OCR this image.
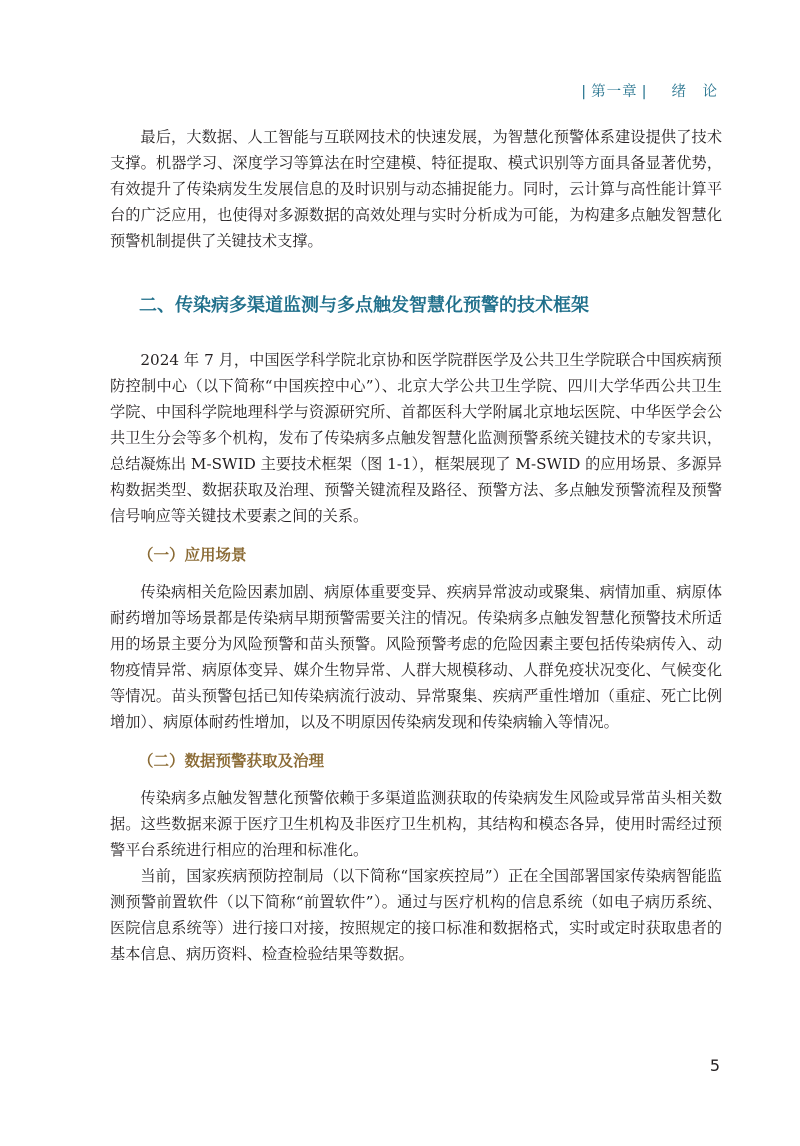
| 第一章 | 绪　论

最后，大数据、人工智能与互联网技术的快速发展，为智慧化预警体系建设提供了技术支撑。机器学习、深度学习等算法在时空建模、特征提取、模式识别等方面具备显著优势，有效提升了传染病发生发展信息的及时识别与动态捕捉能力。同时，云计算与高性能计算平台的广泛应用，也使得对多源数据的高效处理与实时分析成为可能，为构建多点触发智慧化预警机制提供了关键技术支撑。

二、传染病多渠道监测与多点触发智慧化预警的技术框架

2024 年 7 月，中国医学科学院北京协和医学院群医学及公共卫生学院联合中国疾病预防控制中心（以下简称“中国疾控中心”）、北京大学公共卫生学院、四川大学华西公共卫生学院、中国科学院地理科学与资源研究所、首都医科大学附属北京地坛医院、中华医学会公共卫生分会等多个机构，发布了传染病多点触发智慧化监测预警系统关键技术的专家共识，总结凝炼出 M-SWID 主要技术框架（图 1-1），框架展现了 M-SWID 的应用场景、多源异构数据类型、数据获取及治理、预警关键流程及路径、预警方法、多点触发预警流程及预警信号响应等关键技术要素之间的关系。

（一）应用场景

传染病相关危险因素加剧、病原体重要变异、疾病异常波动或聚集、病情加重、病原体耐药增加等场景都是传染病早期预警需要关注的情况。传染病多点触发智慧化预警技术所适用的场景主要分为风险预警和苗头预警。风险预警考虑的危险因素主要包括传染病传入、动物疫情异常、病原体变异、媒介生物异常、人群大规模移动、人群免疫状况变化、气候变化等情况。苗头预警包括已知传染病流行波动、异常聚集、疾病严重性增加（重症、死亡比例增加）、病原体耐药性增加，以及不明原因传染病发现和传染病输入等情况。

（二）数据预警获取及治理

传染病多点触发智慧化预警依赖于多渠道监测获取的传染病发生风险或异常苗头相关数据。这些数据来源于医疗卫生机构及非医疗卫生机构，其结构和模态各异，使用时需经过预警平台系统进行相应的治理和标准化。

当前，国家疾病预防控制局（以下简称“国家疾控局”）正在全国部署国家传染病智能监测预警前置软件（以下简称“前置软件”）。通过与医疗机构的信息系统（如电子病历系统、医院信息系统等）进行接口对接，按照规定的接口标准和数据格式，实时或定时获取患者的基本信息、病历资料、检查检验结果等数据。

5
